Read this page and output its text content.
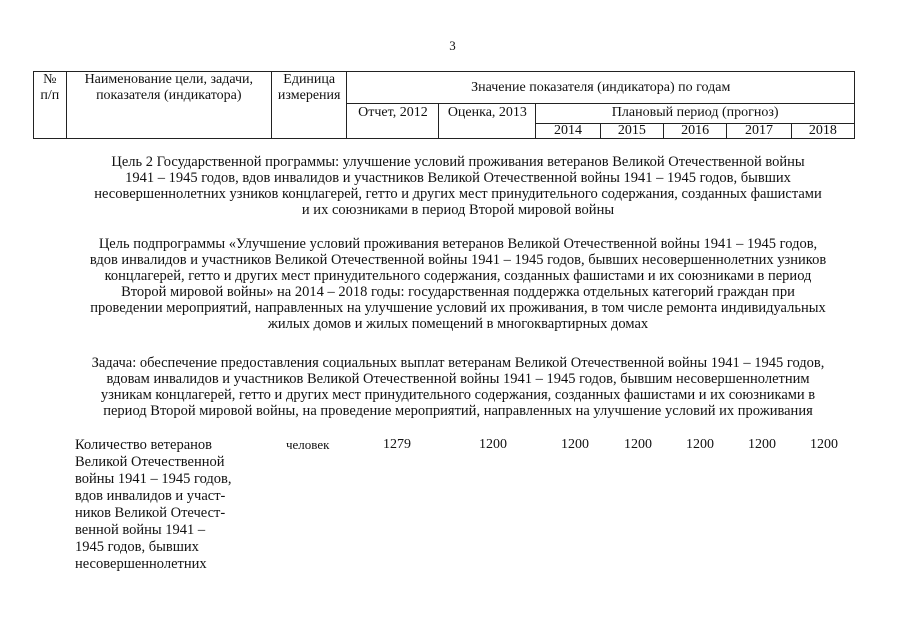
3
№ п/п	Наименование цели, задачи, показателя (индикатора)	Единица измерения	Значение показателя (индикатора) по годам						
			Отчет, 2012	Оценка, 2013	Плановый период (прогноз)				
					2014	2015	2016	2017	2018
Цель 2 Государственной программы: улучшение условий проживания ветеранов Великой Отечественной войны
1941 – 1945 годов, вдов инвалидов и участников Великой Отечественной войны 1941 – 1945 годов, бывших
несовершеннолетних узников концлагерей, гетто и других мест принудительного содержания, созданных фашистами
и их союзниками в период Второй мировой войны
Цель подпрограммы «Улучшение условий проживания ветеранов Великой Отечественной войны 1941 – 1945 годов,
вдов инвалидов и участников Великой Отечественной войны 1941 – 1945 годов, бывших несовершеннолетних узников
концлагерей, гетто и других мест принудительного содержания, созданных фашистами и их союзниками в период
Второй мировой войны» на 2014 – 2018 годы: государственная поддержка отдельных категорий граждан при
проведении мероприятий, направленных на улучшение условий их проживания, в том числе ремонта индивидуальных
жилых домов и жилых помещений в многоквартирных домах
Задача: обеспечение предоставления социальных выплат ветеранам Великой Отечественной войны 1941 – 1945 годов,
вдовам инвалидов и участников Великой Отечественной войны 1941 – 1945 годов, бывшим несовершеннолетним
узникам концлагерей, гетто и других мест принудительного содержания, созданных фашистами и их союзниками в
период Второй мировой войны, на проведение мероприятий, направленных на улучшение условий их проживания
Количество ветеранов
Великой Отечественной
войны 1941 – 1945 годов,
вдов инвалидов и участ-
ников Великой Отечест-
венной войны 1941 –
1945 годов, бывших
несовершеннолетних
человек	1279	1200	1200	1200 1200 1200 1200
